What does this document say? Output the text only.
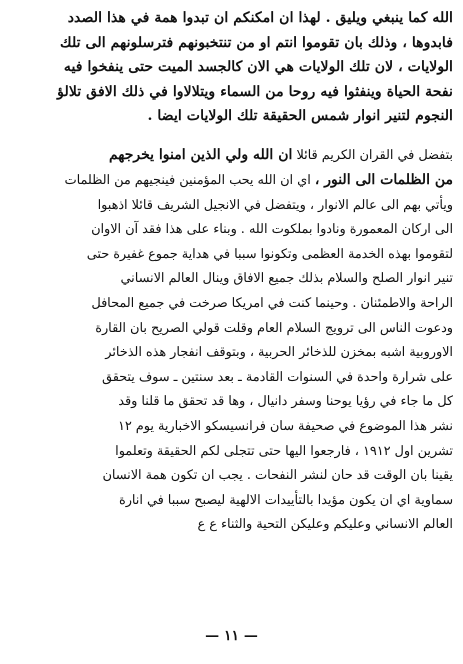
الله كما ينبغي ويليق . لهذا ان امكنكم ان تبدوا همة في هذا الصدد
فابدوها ، وذلك بان تقوموا انتم او من تنتخبونهم فترسلونهم الى تلك
الولايات ، لان تلك الولايات هي الان كالجسد الميت حتى ينفخوا فيه
نفحة الحياة وينفثوا فيه روحا من السماء ويتلالاوا في ذلك الافق تلالؤ
النجوم لتنير انوار شمس الحقيقة تلك الولايات ايضا .

بتفضل في القران الكريم قائلا ان الله ولي الذين امنوا يخرجهم
من الظلمات الى النور ، اي ان الله يحب المؤمنين فينجيهم من الظلمات
ويأتي بهم الى عالم الانوار ، ويتفضل في الانجيل الشريف قائلا اذهبوا
الى اركان المعمورة ونادوا بملكوت الله . وبناء على هذا فقد آن الاوان
لتقوموا بهذه الخدمة العظمى وتكونوا سببا في هداية جموع غفيرة حتى
تنير انوار الصلح والسلام بذلك جميع الافاق وينال العالم الانساني
الراحة والاطمئنان . وحينما كنت في امريكا صرخت في جميع المحافل
ودعوت الناس الى ترويج السلام العام وقلت قولي الصريح بان القارة
الاوروبية اشبه بمخزن للذخائر الحربية ، وبتوقف انفجار هذه الذخائر
على شرارة واحدة في السنوات القادمة ـ بعد سنتين ـ سوف يتحقق
كل ما جاء في رؤيا يوحنا وسفر دانيال ، وها قد تحقق ما قلنا وقد
نشر هذا الموضوع في صحيفة سان فرانسيسكو الاخبارية يوم ١٢
تشرين اول ١٩١٢ ، فارجعوا اليها حتى تتجلى لكم الحقيقة وتعلموا
يقينا بان الوقت قد حان لنشر النفحات . يجب ان تكون همة الانسان
سماوية اي ان يكون مؤيدا بالتأييدات الالهية ليصبح سببا في انارة
العالم الانساني وعليكم وعليكن التحية والثناء ع ع

— ١١ —
